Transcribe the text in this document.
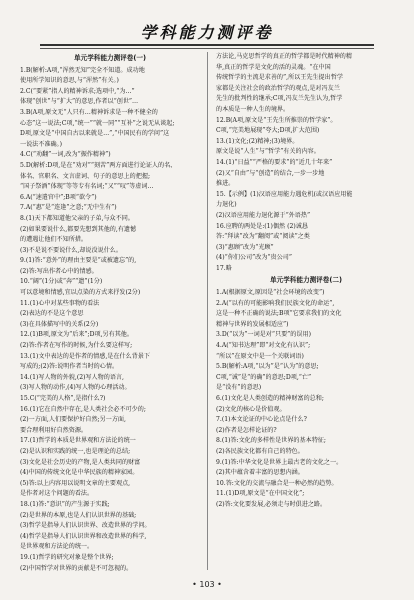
学科能力测评卷
单元学科能力测评卷(一)
1.B(解析:A项,“浑然无知”完全不知道。成功地
使用所学知识的意思,与“浑然”有关。)
2.C(“要紧”指人的精神诉求;选项中,“为…”
体现“创世”与“扩大”的意思,作者以“创世”…
3.B(A项,原文无“人只有…精神诉求是一种不健全的
心态”这一说法;C项,“统一”“就一同”“互补”之说无从谈起;
D项,原文是“中国自古以来就是…”,“中国民有的学问”这
一说法不准确。)
4.C(“劝翻”一词,改为“振作精神”)
5.D(解析:D项,是在“劝对”“刻苦”两方面进行论证人的名、
体名、官职名、文言虚词、句子的意思上的把握;
“国子祭酒”体现“等等专有名词;“又”“叹”等虚词…
6.A(“速遣官中”;B项“欲令”)
7.A(“惠”是“连逢”之意;“无中生有”)
8.(1)天下都知道他父亲的子弟,与众不同。
(2)如果要说什么,都要先想到其他的,有遗憾
的遭遇让他们不知所措。
(3)不是说不要说什么,却说没说什么。
9.(1)答:“意外”的理由主要是“或被遗忘”的,
(2)答:写出作者心中的情感。
10.“阔”(1分)或“奔”“遗”(1分)
可以意境和情感,宜以点染的方式来抒发(2分)
11.(1)心中对某些事物的看法
(2)表达的不是这个意思
(3)在具体描写中的关系(2分)
12.(1)B项,原文为“后来”;D项,另有其他。
(2)答:作者在写作的时候,为什么要这样写;
13.(1)文中表达的是作者的情感,是在什么背景下
写成的;(2)答:说明作者当时的心情。
14.(1)写人物的外貌,(2)写人物的语言,
(3)写人物的动作,(4)写人物的心理活动。
15.C(“完美的人格”,是指什么?)
16.(1)它在自然中存在,是人类社会必不可少的;
(2)一方面,人们要保护好自然;另一方面,
要合理利用好自然资源。
17.(1)哲学的本质是世界观和方法论的统一
(2)是认识和实践的统一,也是理论的总结;
(3)文化是社会历史的产物,是人类共同的财富
(4)中国的传统文化是中华民族的精神家园。
(5)答:以上内容用以说明文章的主要观点,
是作者对这个问题的看法。
18.(1)答:“意识”的产生源于实践;
(2)是世界的本原,也是人们认识世界的基础;
(3)哲学是指导人们认识世界、改造世界的学问。
(4)哲学是指导人们认识世界和改造世界的科学,
是世界观和方法论的统一。
19.(1)哲学的研究对象是整个世界;
(2)中国哲学对世界的贡献是不可忽视的。
方法论,马克思哲学的真正的哲学都是时代精神的精
华,真正的哲学是文化的活的灵魂。“在中国
传统哲学的主流是求善的”,所以王先生提出哲学
家都是关注社会的政治哲学的观点,是对冯友兰
先生的批判性的继承;C项,冯友兰先生认为,哲学
的本质是一种人生的境界。
12.B(A项,原文是“王先生所推崇的哲学家”。
C项,“完美地展现”夸大;D项,扩大范围)
13.(1)文化;(2)精神;(3)境界。
原文是说“人生”与“哲学”有关的内容。
14.(1)“日益”“严格的要求”的“近几十年来”
(2)又“自由”与“创造”的结合,一步一步地
推进。
15.【示例】(1)汉语应用能力遇危机(或汉语应用能
力退化)
(2)汉语应用能力退化源于“外语热”
16.应聘的两处是:(1)偶然 (2)诚恳
答:“拜读”改为“翻阅”或“阅读”之类
(3)“惠顾”改为“光顾”
(4)“你们公司”改为“贵公司”
17.略
单元学科能力测评卷(二)
1.A(根据原文,原因是“社会环境的改变”)
2.A(“以有的可能影响我们民族文化的命运”,
这是一种不正确的说法;B项“它要求我们的文化
精神与世界的发展相适应”)
3.D(“以为”一词是对“只要”的误用)
4.A(“知书达理”即“对文化有认识”;
“所以”在原文中是一个关联词语)
5.B(解析:A项,“以为”是“认为”的意思;
C项,“诚”是“的确”的意思;D项,“亡”
是“没有”的意思)
6.(1)文化是人类创造的精神财富的总和;
(2)文化的核心是价值观。
7.(1)本文论证的中心论点是什么?
(2)作者是怎样论证的?
8.(1)答:文化的多样性是世界的基本特征;
(2)各民族文化都有自己的特色。
9.(1)答:中华文化是世界上最古老的文化之一。
(2)其中蕴含着丰富的思想内涵。
10.答:文化的交流与融合是一种必然的趋势。
11.(1)D项,原文是“在中国文化”;
(2)答:文化要发展,必须走与时俱进之路。
• 103 •
